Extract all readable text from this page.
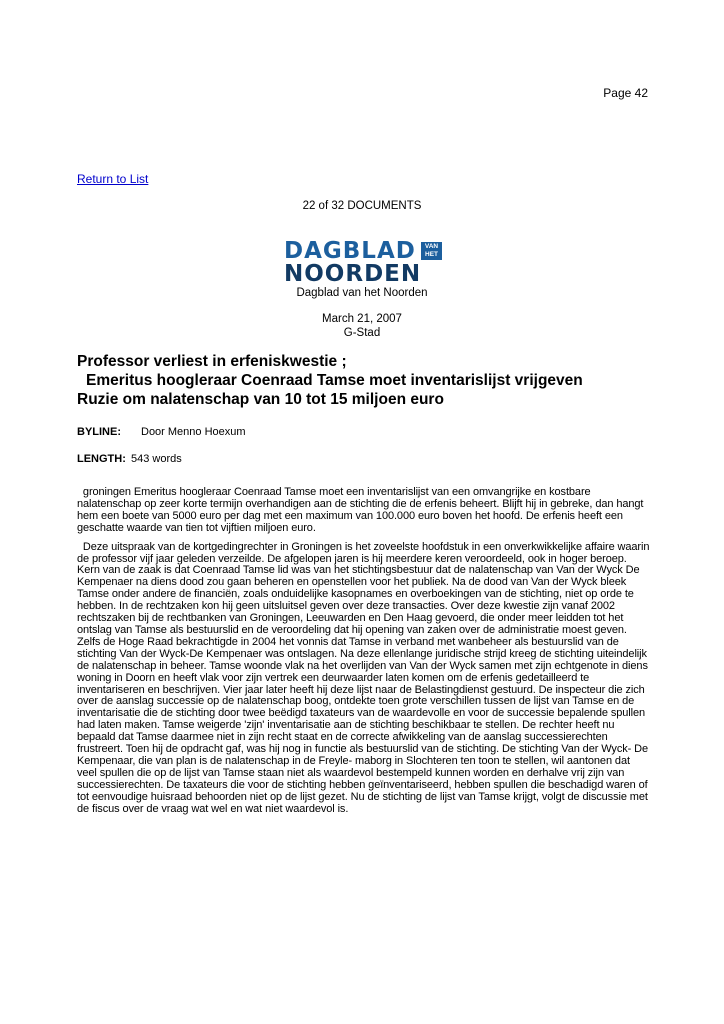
Page 42
Return to List
22 of 32 DOCUMENTS
DAGBLAD
NOORDEN
VAN HET
Dagblad van het Noorden
March 21, 2007
G-Stad
Professor verliest in erfeniskwestie ;
Emeritus hoogleraar Coenraad Tamse moet inventarislijst vrijgeven
Ruzie om nalatenschap van 10 tot 15 miljoen euro
BYLINE: Door Menno Hoexum
LENGTH: 543 words

groningen Emeritus hoogleraar Coenraad Tamse moet een inventarislijst van een omvangrijke en kostbare nalatenschap op zeer korte termijn overhandigen aan de stichting die de erfenis beheert. Blijft hij in gebreke, dan hangt hem een boete van 5000 euro per dag met een maximum van 100.000 euro boven het hoofd. De erfenis heeft een geschatte waarde van tien tot vijftien miljoen euro.

Deze uitspraak van de kortgedingrechter in Groningen is het zoveelste hoofdstuk in een onverkwikkelijke affaire waarin de professor vijf jaar geleden verzeilde. De afgelopen jaren is hij meerdere keren veroordeeld, ook in hoger beroep. Kern van de zaak is dat Coenraad Tamse lid was van het stichtingsbestuur dat de nalatenschap van Van der Wyck De Kempenaer na diens dood zou gaan beheren en openstellen voor het publiek. Na de dood van Van der Wyck bleek Tamse onder andere de financiën, zoals onduidelijke kasopnames en overboekingen van de stichting, niet op orde te hebben. In de rechtzaken kon hij geen uitsluitsel geven over deze transacties. Over deze kwestie zijn vanaf 2002 rechtszaken bij de rechtbanken van Groningen, Leeuwarden en Den Haag gevoerd, die onder meer leidden tot het ontslag van Tamse als bestuurslid en de veroordeling dat hij opening van zaken over de administratie moest geven. Zelfs de Hoge Raad bekrachtigde in 2004 het vonnis dat Tamse in verband met wanbeheer als bestuurslid van de stichting Van der Wyck-De Kempenaer was ontslagen. Na deze ellenlange juridische strijd kreeg de stichting uiteindelijk de nalatenschap in beheer. Tamse woonde vlak na het overlijden van Van der Wyck samen met zijn echtgenote in diens woning in Doorn en heeft vlak voor zijn vertrek een deurwaarder laten komen om de erfenis gedetailleerd te inventariseren en beschrijven. Vier jaar later heeft hij deze lijst naar de Belastingdienst gestuurd. De inspecteur die zich over de aanslag successie op de nalatenschap boog, ontdekte toen grote verschillen tussen de lijst van Tamse en de inventarisatie die de stichting door twee beëdigd taxateurs van de waardevolle en voor de successie bepalende spullen had laten maken. Tamse weigerde 'zijn' inventarisatie aan de stichting beschikbaar te stellen. De rechter heeft nu bepaald dat Tamse daarmee niet in zijn recht staat en de correcte afwikkeling van de aanslag successierechten frustreert. Toen hij de opdracht gaf, was hij nog in functie als bestuurslid van de stichting. De stichting Van der Wyck- De Kempenaar, die van plan is de nalatenschap in de Freyle- maborg in Slochteren ten toon te stellen, wil aantonen dat veel spullen die op de lijst van Tamse staan niet als waardevol bestempeld kunnen worden en derhalve vrij zijn van successierechten. De taxateurs die voor de stichting hebben geïnventariseerd, hebben spullen die beschadigd waren of tot eenvoudige huisraad behoorden niet op de lijst gezet. Nu de stichting de lijst van Tamse krijgt, volgt de discussie met de fiscus over de vraag wat wel en wat niet waardevol is.
